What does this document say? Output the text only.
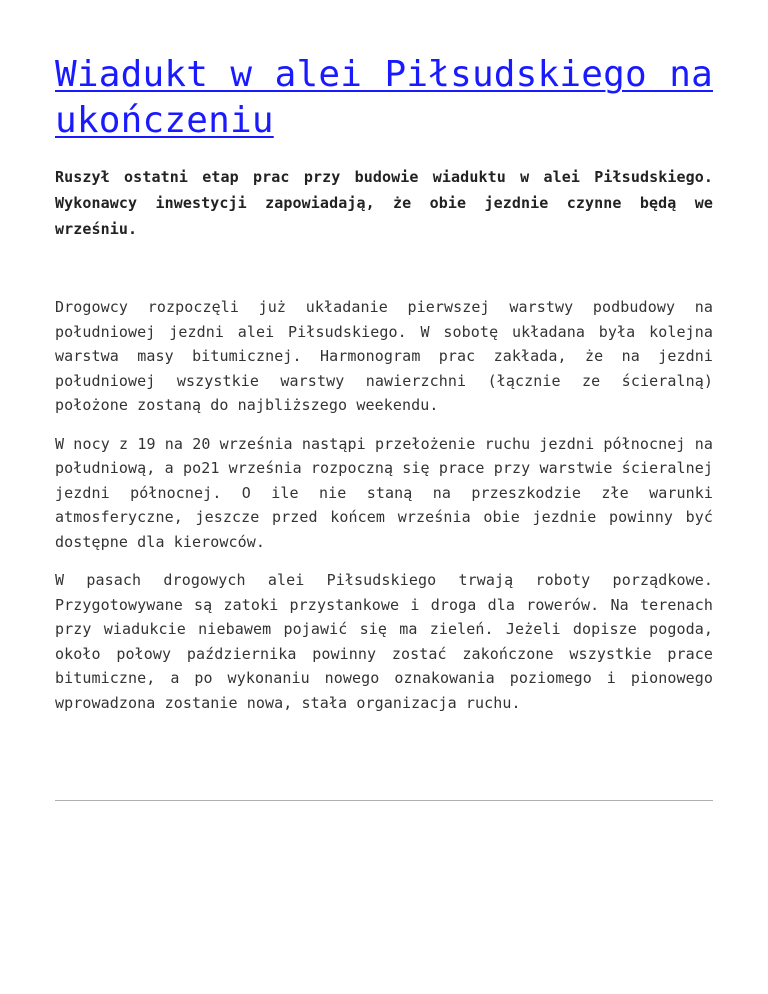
Wiadukt w alei Piłsudskiego na ukończeniu

Ruszył ostatni etap prac przy budowie wiaduktu w alei Piłsudskiego. Wykonawcy inwestycji zapowiadają, że obie jezdnie czynne będą we wrześniu.

Drogowcy rozpoczęli już układanie pierwszej warstwy podbudowy na południowej jezdni alei Piłsudskiego. W sobotę układana była kolejna warstwa masy bitumicznej. Harmonogram prac zakłada, że na jezdni południowej wszystkie warstwy nawierzchni (łącznie ze ścieralną) położone zostaną do najbliższego weekendu.

W nocy z 19 na 20 września nastąpi przełożenie ruchu jezdni północnej na południową, a po21 września rozpoczną się prace przy warstwie ścieralnej jezdni północnej. O ile nie staną na przeszkodzie złe warunki atmosferyczne, jeszcze przed końcem września obie jezdnie powinny być dostępne dla kierowców.

W pasach drogowych alei Piłsudskiego trwają roboty porządkowe. Przygotowywane są zatoki przystankowe i droga dla rowerów. Na terenach przy wiadukcie niebawem pojawić się ma zieleń. Jeżeli dopisze pogoda, około połowy października powinny zostać zakończone wszystkie prace bitumiczne, a po wykonaniu nowego oznakowania poziomego i pionowego wprowadzona zostanie nowa, stała organizacja ruchu.
